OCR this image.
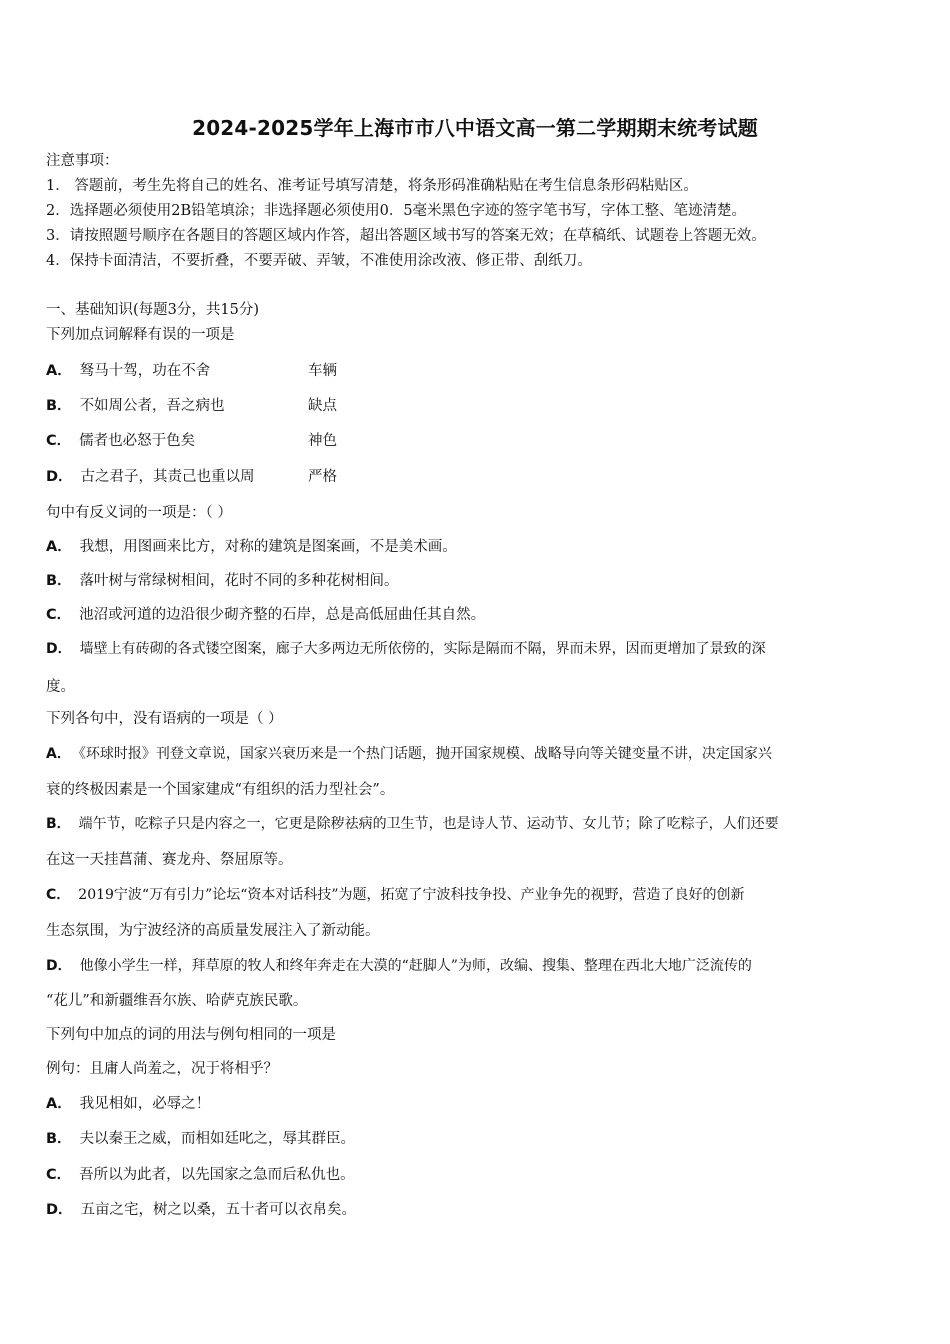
2024-2025学年上海市市八中语文高一第二学期期末统考试题
注意事项：
1． 答题前，考生先将自己的姓名、准考证号填写清楚，将条形码准确粘贴在考生信息条形码粘贴区。
2．选择题必须使用2B铅笔填涂；非选择题必须使用0．5毫米黑色字迹的签字笔书写，字体工整、笔迹清楚。
3．请按照题号顺序在各题目的答题区域内作答，超出答题区域书写的答案无效；在草稿纸、试题卷上答题无效。
4．保持卡面清洁，不要折叠，不要弄破、弄皱，不准使用涂改液、修正带、刮纸刀。
一、基础知识(每题3分，共15分)
下列加点词解释有误的一项是
A． 驽马十驾，功在不舍	车辆
B． 不如周公者，吾之病也	缺点
C． 儒者也必怒于色矣	神色
D． 古之君子，其责己也重以周	严格
句中有反义词的一项是：（ ）
A． 我想，用图画来比方，对称的建筑是图案画，不是美术画。
B． 落叶树与常绿树相间，花时不同的多种花树相间。
C． 池沼或河道的边沿很少砌齐整的石岸，总是高低屈曲任其自然。
D． 墙壁上有砖砌的各式镂空图案，廊子大多两边无所依傍的，实际是隔而不隔，界而未界，因而更增加了景致的深
度。
下列各句中，没有语病的一项是（ ）
A． 《环球时报》刊登文章说，国家兴衰历来是一个热门话题，抛开国家规模、战略导向等关键变量不讲，决定国家兴
衰的终极因素是一个国家建成“有组织的活力型社会”。
B． 端午节，吃粽子只是内容之一，它更是除秽祛病的卫生节，也是诗人节、运动节、女儿节；除了吃粽子，人们还要
在这一天挂菖蒲、赛龙舟、祭屈原等。
C． 2019宁波“万有引力”论坛“资本对话科技”为题，拓宽了宁波科技争投、产业争先的视野，营造了良好的创新
生态氛围，为宁波经济的高质量发展注入了新动能。
D． 他像小学生一样，拜草原的牧人和终年奔走在大漠的“赶脚人”为师，改编、搜集、整理在西北大地广泛流传的
“花儿”和新疆维吾尔族、哈萨克族民歌。
下列句中加点的词的用法与例句相同的一项是
例句：且庸人尚羞之，况于将相乎？
A． 我见相如，必辱之！
B． 夫以秦王之威，而相如廷叱之，辱其群臣。
C． 吾所以为此者，以先国家之急而后私仇也。
D． 五亩之宅，树之以桑，五十者可以衣帛矣。
